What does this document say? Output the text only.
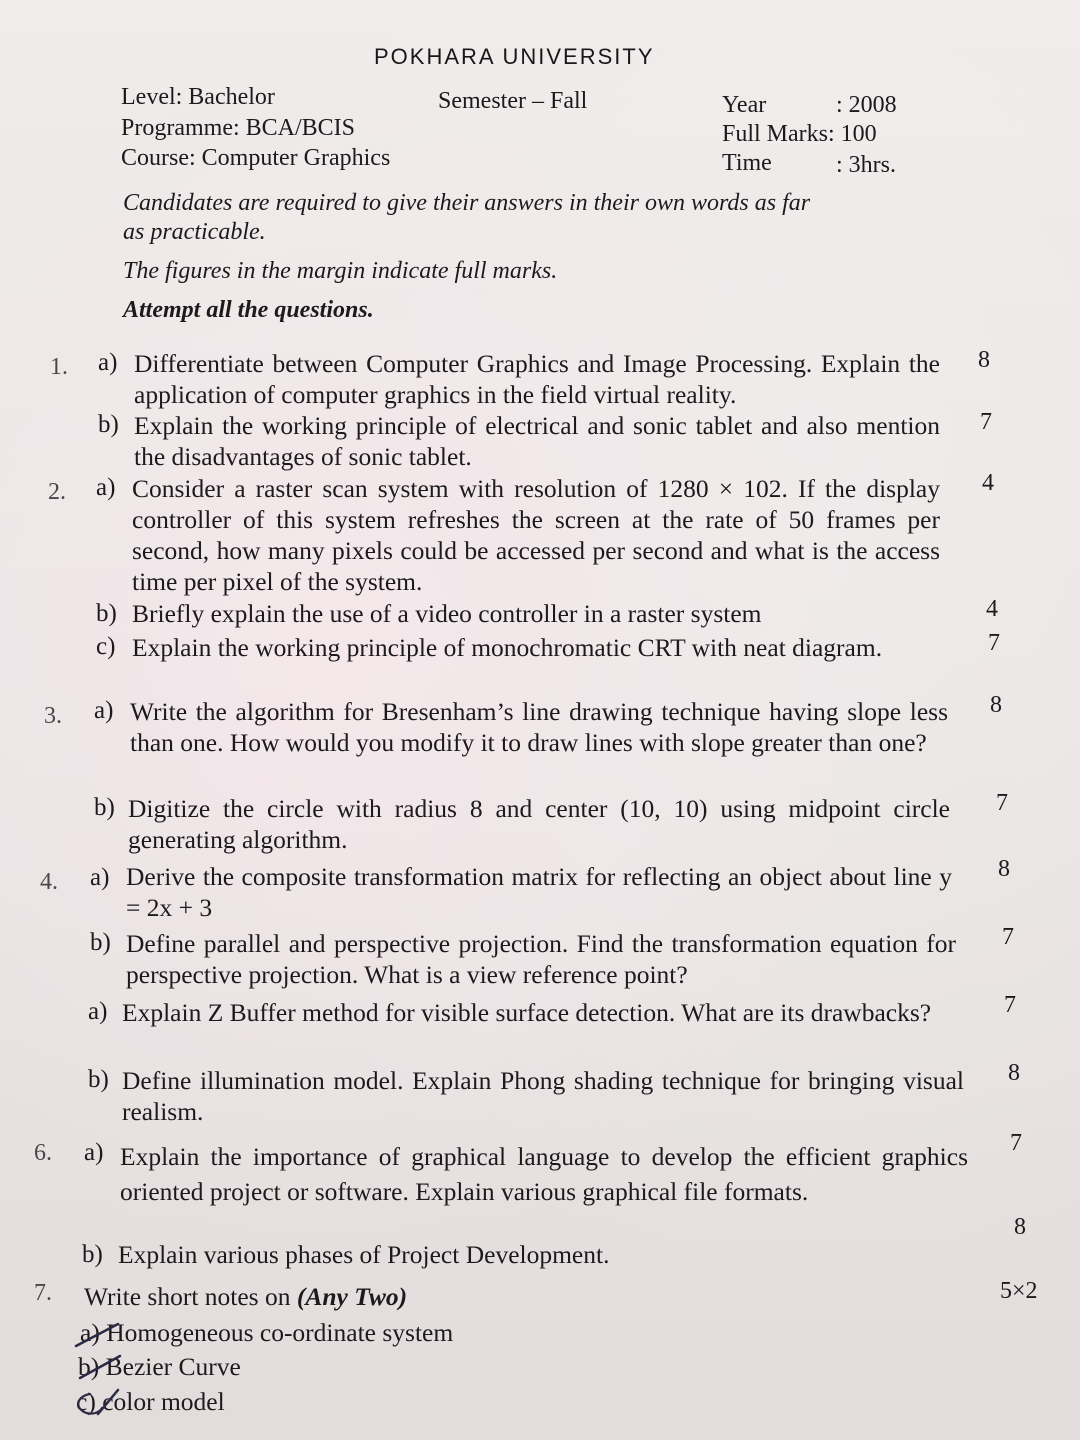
POKHARA UNIVERSITY
Level: Bachelor	Semester – Fall	Year	: 2008
Programme: BCA/BCIS	Full Marks: 100
Course: Computer Graphics	Time	: 3hrs.
Candidates are required to give their answers in their own words as far
as practicable.
The figures in the margin indicate full marks.
Attempt all the questions.
1. a) Differentiate between Computer Graphics and Image Processing. Explain the application of computer graphics in the field virtual reality.
8
b) Explain the working principle of electrical and sonic tablet and also mention the disadvantages of sonic tablet.
7
2. a) Consider a raster scan system with resolution of 1280 × 102. If the display controller of this system refreshes the screen at the rate of 50 frames per second, how many pixels could be accessed per second and what is the access time per pixel of the system.
4
b) Briefly explain the use of a video controller in a raster system	4
c) Explain the working principle of monochromatic CRT with neat diagram.	7
3. a) Write the algorithm for Bresenham’s line drawing technique having slope less than one. How would you modify it to draw lines with slope greater than one?
8
b) Digitize the circle with radius 8 and center (10, 10) using midpoint circle generating algorithm.
7
4. a) Derive the composite transformation matrix for reflecting an object about line y = 2x + 3
8
b) Define parallel and perspective projection. Find the transformation equation for perspective projection. What is a view reference point?
7
a) Explain Z Buffer method for visible surface detection. What are its drawbacks?	7
b) Define illumination model. Explain Phong shading technique for bringing visual realism.
8
6. a) Explain the importance of graphical language to develop the efficient graphics oriented project or software. Explain various graphical file formats.
7
8
b) Explain various phases of Project Development.
7. Write short notes on (Any Two)	5×2
a) Homogeneous co-ordinate system
b) Bezier Curve
c) color model
